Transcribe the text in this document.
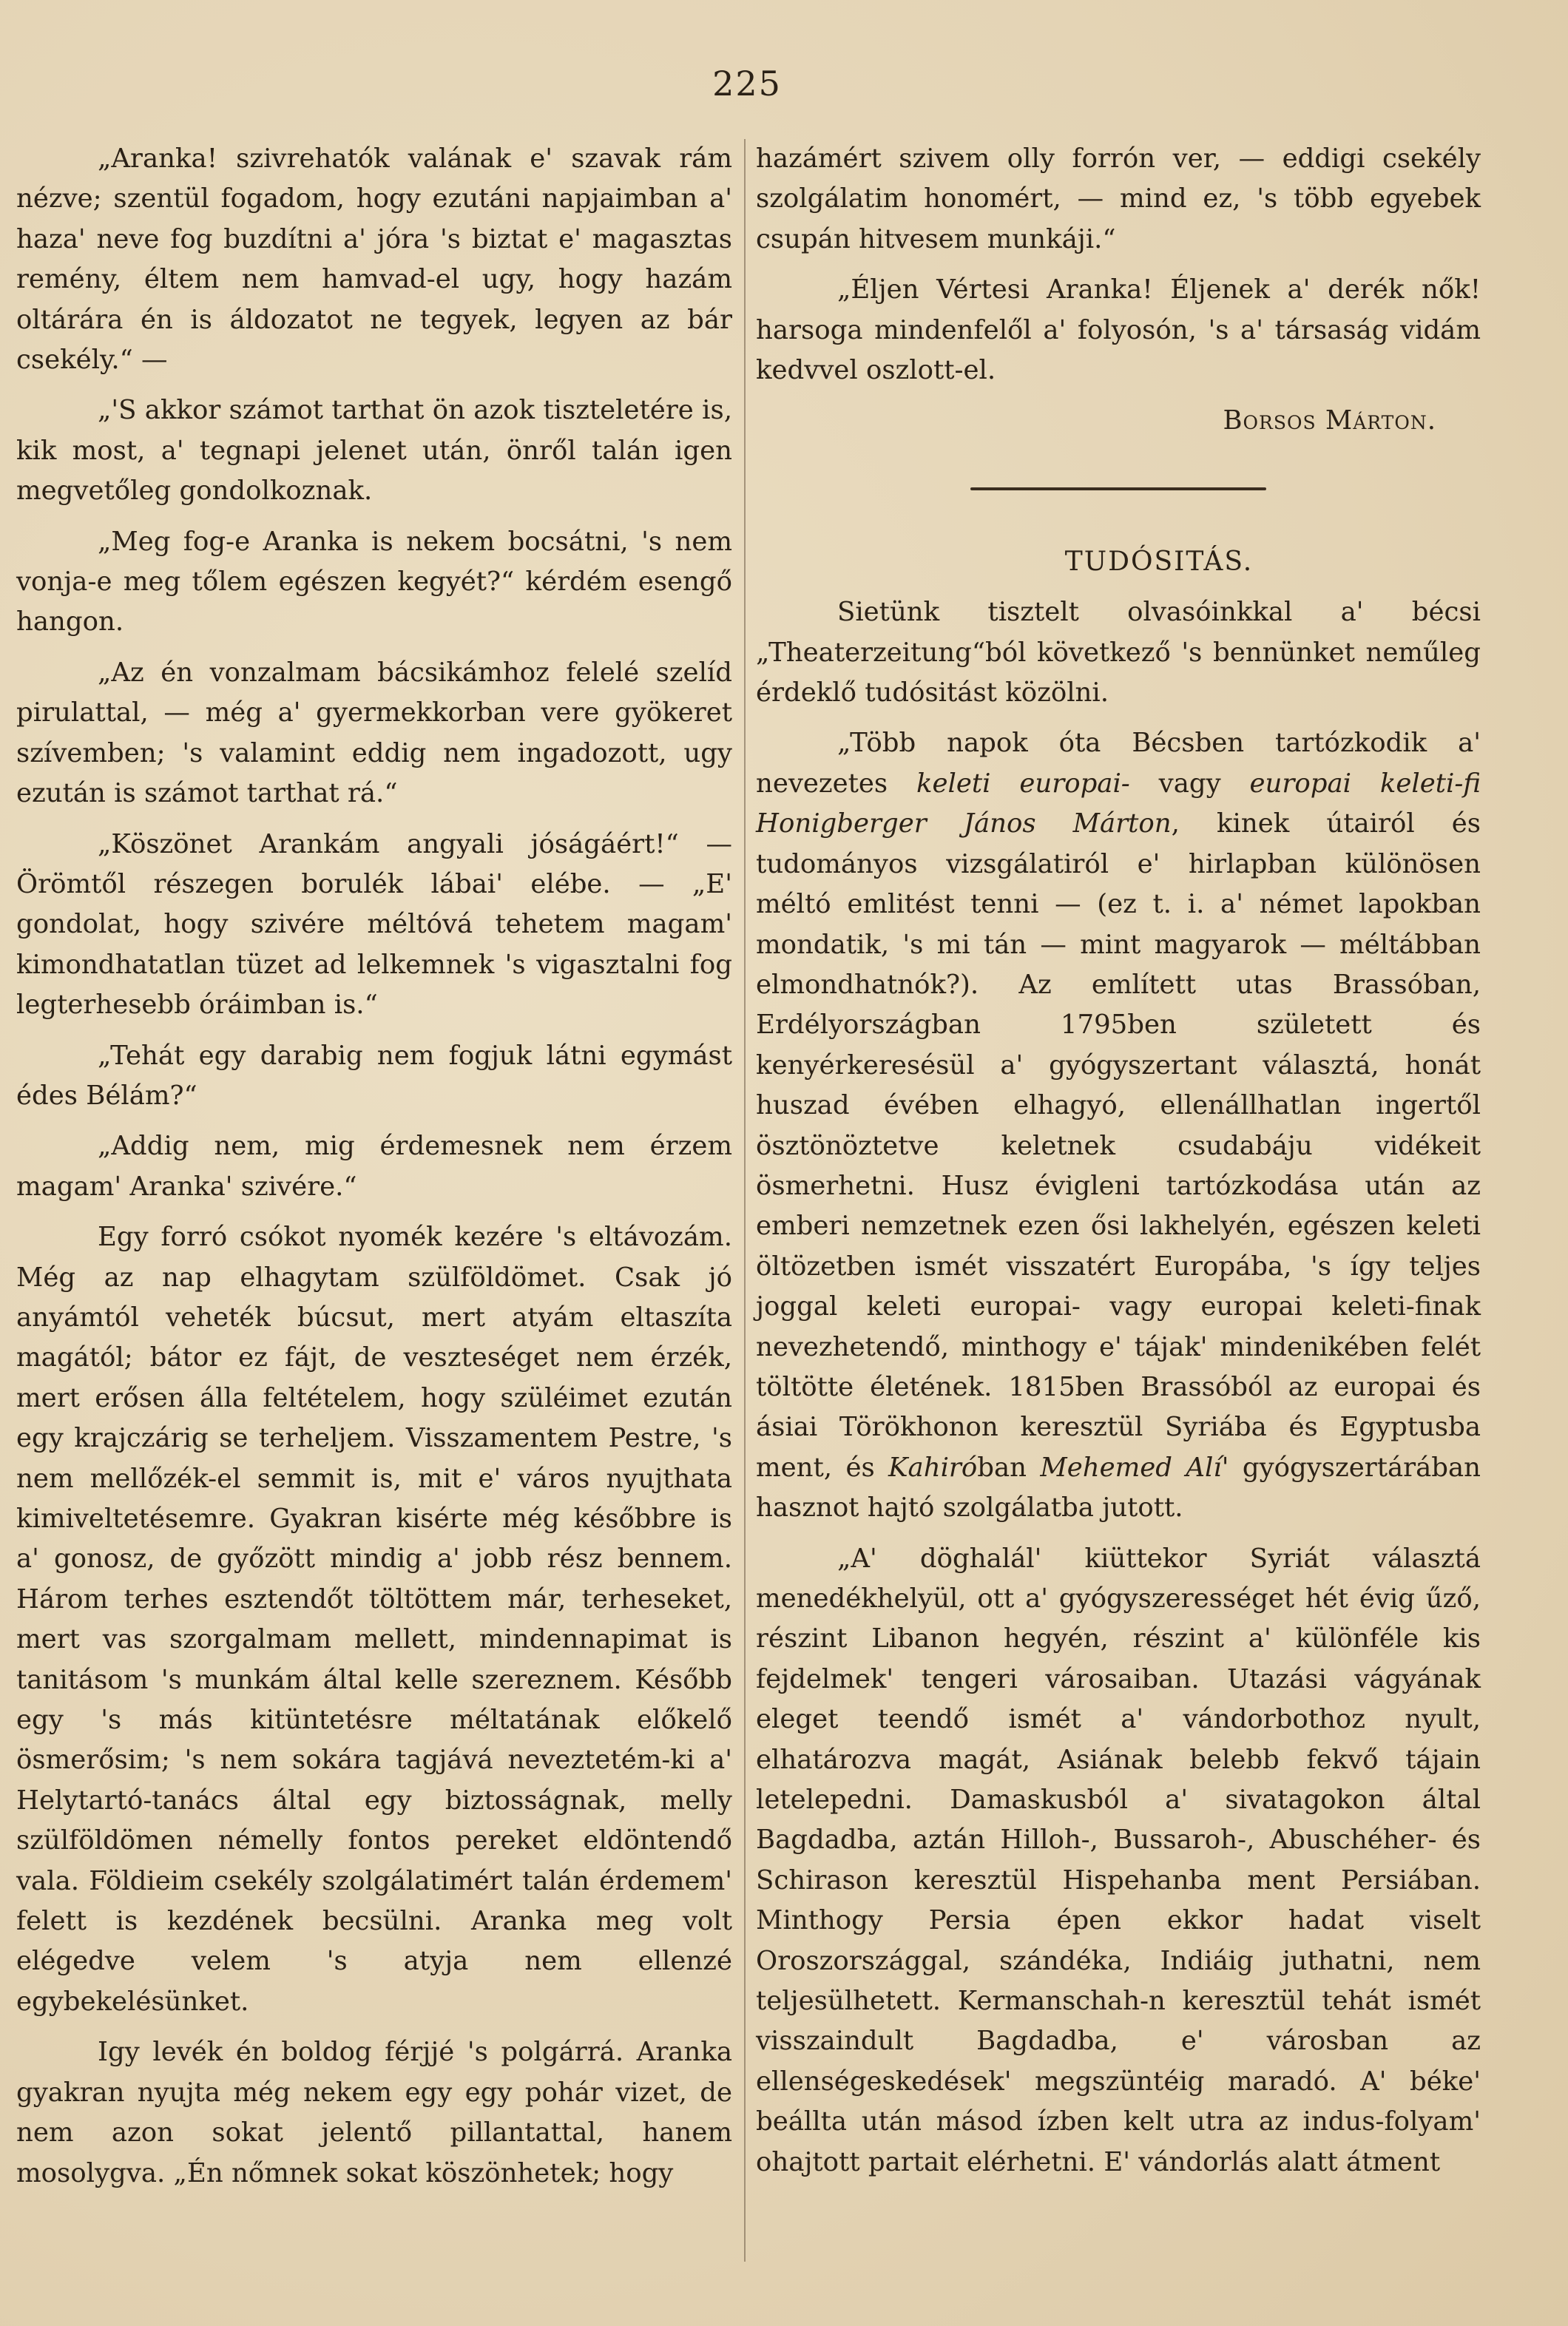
225

„Aranka! szivrehatók valának e' szavak rám nézve; szentül fogadom, hogy ezutáni napjaimban a' haza' neve fog buzdítni a' jóra 's biztat e' magasztas remény, éltem nem hamvad-el ugy, hogy hazám oltárára én is áldozatot ne tegyek, legyen az bár csekély.“ —

„'S akkor számot tarthat ön azok tiszteletére is, kik most, a' tegnapi jelenet után, önről talán igen megvetőleg gondolkoznak.

„Meg fog-e Aranka is nekem bocsátni, 's nem vonja-e meg tőlem egészen kegyét?“ kérdém esengő hangon.

„Az én vonzalmam bácsikámhoz felelé szelíd pirulattal, — még a' gyermekkorban vere gyökeret szívemben; 's valamint eddig nem ingadozott, ugy ezután is számot tarthat rá.“

„Köszönet Arankám angyali jóságáért!“ — Örömtől részegen borulék lábai' elébe. — „E' gondolat, hogy szivére méltóvá tehetem magam' kimondhatatlan tüzet ad lelkemnek 's vigasztalni fog legterhesebb óráimban is.“

„Tehát egy darabig nem fogjuk látni egymást édes Bélám?“

„Addig nem, mig érdemesnek nem érzem magam' Aranka' szivére.“

Egy forró csókot nyomék kezére 's eltávozám. Még az nap elhagytam szülföldömet. Csak jó anyámtól veheték búcsut, mert atyám eltaszíta magától; bátor ez fájt, de veszteséget nem érzék, mert erősen álla feltételem, hogy szüléimet ezután egy krajczárig se terheljem. Visszamentem Pestre, 's nem mellőzék-el semmit is, mit e' város nyujthata kimiveltetésemre. Gyakran kisérte még későbbre is a' gonosz, de győzött mindig a' jobb rész bennem. Három terhes esztendőt töltöttem már, terheseket, mert vas szorgalmam mellett, mindennapimat is tanitásom 's munkám által kelle szereznem. Később egy 's más kitüntetésre méltatának előkelő ösmerősim; 's nem sokára tagjává neveztetém-ki a' Helytartó-tanács által egy biztosságnak, melly szülföldömen némelly fontos pereket eldöntendő vala. Földieim csekély szolgálatimért talán érdemem' felett is kezdének becsülni. Aranka meg volt elégedve velem 's atyja nem ellenzé egybekelésünket.

Igy levék én boldog férjjé 's polgárrá. Aranka gyakran nyujta még nekem egy egy pohár vizet, de nem azon sokat jelentő pillantattal, hanem mosolygva. „Én nőmnek sokat köszönhetek; hogy

hazámért szivem olly forrón ver, — eddigi csekély szolgálatim honomért, — mind ez, 's több egyebek csupán hitvesem munkáji.“

„Éljen Vértesi Aranka! Éljenek a' derék nők! harsoga mindenfelől a' folyosón, 's a' társaság vidám kedvvel oszlott-el.

Borsos Márton.

TUDÓSITÁS.

Sietünk tisztelt olvasóinkkal a' bécsi „Theaterzeitung“ból következő 's bennünket neműleg érdeklő tudósitást közölni.

„Több napok óta Bécsben tartózkodik a' nevezetes keleti europai- vagy europai keleti-fi Honigberger János Márton, kinek útairól és tudományos vizsgálatiról e' hirlapban különösen méltó emlitést tenni — (ez t. i. a' német lapokban mondatik, 's mi tán — mint magyarok — méltábban elmondhatnók?). Az említett utas Brassóban, Erdélyországban 1795ben született és kenyérkeresésül a' gyógyszertant választá, honát huszad évében elhagyó, ellenállhatlan ingertől ösztönöztetve keletnek csudabáju vidékeit ösmerhetni. Husz évigleni tartózkodása után az emberi nemzetnek ezen ősi lakhelyén, egészen keleti öltözetben ismét visszatért Europába, 's így teljes joggal keleti europai- vagy europai keleti-finak nevezhetendő, minthogy e' tájak' mindenikében felét töltötte életének. 1815ben Brassóból az europai és ásiai Törökhonon keresztül Syriába és Egyptusba ment, és Kahiróban Mehemed Alí' gyógyszertárában hasznot hajtó szolgálatba jutott.

„A' döghalál' kiüttekor Syriát választá menedékhelyül, ott a' gyógyszerességet hét évig űző, részint Libanon hegyén, részint a' különféle kis fejdelmek' tengeri városaiban. Utazási vágyának eleget teendő ismét a' vándorbothoz nyult, elhatározva magát, Asiának belebb fekvő tájain letelepedni. Damaskusból a' sivatagokon által Bagdadba, aztán Hilloh-, Bussaroh-, Abuschéher- és Schirason keresztül Hispehanba ment Persiában. Minthogy Persia épen ekkor hadat viselt Oroszországgal, szándéka, Indiáig juthatni, nem teljesülhetett. Kermanschah-n keresztül tehát ismét visszaindult Bagdadba, e' városban az ellenségeskedések' megszüntéig maradó. A' béke' beállta után másod ízben kelt utra az indus-folyam' ohajtott partait elérhetni. E' vándorlás alatt átment
